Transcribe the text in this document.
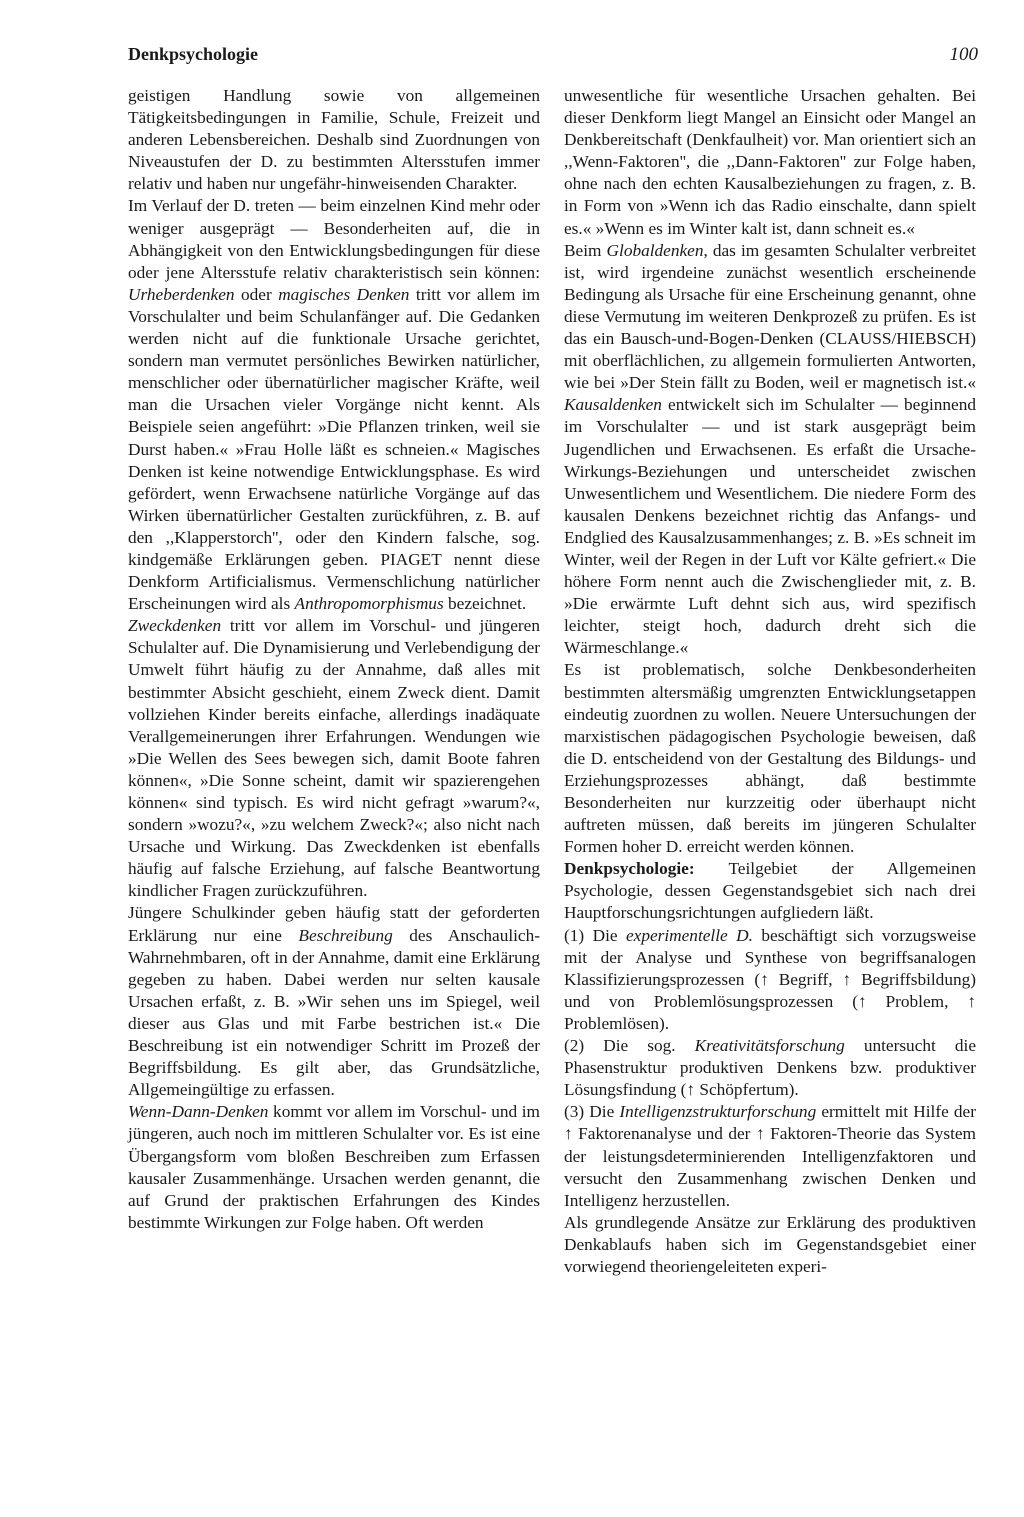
Denkpsychologie	100

geistigen Handlung sowie von allgemeinen Tätigkeitsbedingungen in Familie, Schule, Freizeit und anderen Lebensbereichen. Deshalb sind Zuordnungen von Niveaustufen der D. zu bestimmten Altersstufen immer relativ und haben nur ungefähr-hinweisenden Charakter.

Im Verlauf der D. treten — beim einzelnen Kind mehr oder weniger ausgeprägt — Besonderheiten auf, die in Abhängigkeit von den Entwicklungsbedingungen für diese oder jene Altersstufe relativ charakteristisch sein können: Urheberdenken oder magisches Denken tritt vor allem im Vorschulalter und beim Schulanfänger auf. Die Gedanken werden nicht auf die funktionale Ursache gerichtet, sondern man vermutet persönliches Bewirken natürlicher, menschlicher oder übernatürlicher magischer Kräfte, weil man die Ursachen vieler Vorgänge nicht kennt. Als Beispiele seien angeführt: »Die Pflanzen trinken, weil sie Durst haben.« »Frau Holle läßt es schneien.« Magisches Denken ist keine notwendige Entwicklungsphase. Es wird gefördert, wenn Erwachsene natürliche Vorgänge auf das Wirken übernatürlicher Gestalten zurückführen, z. B. auf den ,,Klapperstorch'', oder den Kindern falsche, sog. kindgemäße Erklärungen geben. PIAGET nennt diese Denkform Artificialismus. Vermenschlichung natürlicher Erscheinungen wird als Anthropomorphismus bezeichnet.

Zweckdenken tritt vor allem im Vorschul- und jüngeren Schulalter auf. Die Dynamisierung und Verlebendigung der Umwelt führt häufig zu der Annahme, daß alles mit bestimmter Absicht geschieht, einem Zweck dient. Damit vollziehen Kinder bereits einfache, allerdings inadäquate Verallgemeinerungen ihrer Erfahrungen. Wendungen wie »Die Wellen des Sees bewegen sich, damit Boote fahren können«, »Die Sonne scheint, damit wir spazierengehen können« sind typisch. Es wird nicht gefragt »warum?«, sondern »wozu?«, »zu welchem Zweck?«; also nicht nach Ursache und Wirkung. Das Zweckdenken ist ebenfalls häufig auf falsche Erziehung, auf falsche Beantwortung kindlicher Fragen zurückzuführen.

Jüngere Schulkinder geben häufig statt der geforderten Erklärung nur eine Beschreibung des Anschaulich-Wahrnehmbaren, oft in der Annahme, damit eine Erklärung gegeben zu haben. Dabei werden nur selten kausale Ursachen erfaßt, z. B. »Wir sehen uns im Spiegel, weil dieser aus Glas und mit Farbe bestrichen ist.« Die Beschreibung ist ein notwendiger Schritt im Prozeß der Begriffsbildung. Es gilt aber, das Grundsätzliche, Allgemeingültige zu erfassen.

Wenn-Dann-Denken kommt vor allem im Vorschul- und im jüngeren, auch noch im mittleren Schulalter vor. Es ist eine Übergangsform vom bloßen Beschreiben zum Erfassen kausaler Zusammenhänge. Ursachen werden genannt, die auf Grund der praktischen Erfahrungen des Kindes bestimmte Wirkungen zur Folge haben. Oft werden

unwesentliche für wesentliche Ursachen gehalten. Bei dieser Denkform liegt Mangel an Einsicht oder Mangel an Denkbereitschaft (Denkfaulheit) vor. Man orientiert sich an ,,Wenn-Faktoren'', die ,,Dann-Faktoren'' zur Folge haben, ohne nach den echten Kausalbeziehungen zu fragen, z. B. in Form von »Wenn ich das Radio einschalte, dann spielt es.« »Wenn es im Winter kalt ist, dann schneit es.«

Beim Globaldenken, das im gesamten Schulalter verbreitet ist, wird irgendeine zunächst wesentlich erscheinende Bedingung als Ursache für eine Erscheinung genannt, ohne diese Vermutung im weiteren Denkprozeß zu prüfen. Es ist das ein Bausch-und-Bogen-Denken (CLAUSS/HIEBSCH) mit oberflächlichen, zu allgemein formulierten Antworten, wie bei »Der Stein fällt zu Boden, weil er magnetisch ist.« Kausaldenken entwickelt sich im Schulalter — beginnend im Vorschulalter — und ist stark ausgeprägt beim Jugendlichen und Erwachsenen. Es erfaßt die Ursache-Wirkungs-Beziehungen und unterscheidet zwischen Unwesentlichem und Wesentlichem. Die niedere Form des kausalen Denkens bezeichnet richtig das Anfangs- und Endglied des Kausalzusammenhanges; z. B. »Es schneit im Winter, weil der Regen in der Luft vor Kälte gefriert.« Die höhere Form nennt auch die Zwischenglieder mit, z. B. »Die erwärmte Luft dehnt sich aus, wird spezifisch leichter, steigt hoch, dadurch dreht sich die Wärmeschlange.«

Es ist problematisch, solche Denkbesonderheiten bestimmten altersmäßig umgrenzten Entwicklungsetappen eindeutig zuordnen zu wollen. Neuere Untersuchungen der marxistischen pädagogischen Psychologie beweisen, daß die D. entscheidend von der Gestaltung des Bildungs- und Erziehungsprozesses abhängt, daß bestimmte Besonderheiten nur kurzzeitig oder überhaupt nicht auftreten müssen, daß bereits im jüngeren Schulalter Formen hoher D. erreicht werden können.

Denkpsychologie: Teilgebiet der Allgemeinen Psychologie, dessen Gegenstandsgebiet sich nach drei Hauptforschungsrichtungen aufgliedern läßt.

(1) Die experimentelle D. beschäftigt sich vorzugsweise mit der Analyse und Synthese von begriffsanalogen Klassifizierungsprozessen (↑ Begriff, ↑ Begriffsbildung) und von Problemlösungsprozessen (↑ Problem, ↑ Problemlösen).

(2) Die sog. Kreativitätsforschung untersucht die Phasenstruktur produktiven Denkens bzw. produktiver Lösungsfindung (↑ Schöpfertum).

(3) Die Intelligenzstrukturforschung ermittelt mit Hilfe der ↑ Faktorenanalyse und der ↑ Faktoren-Theorie das System der leistungsdeterminierenden Intelligenzfaktoren und versucht den Zusammenhang zwischen Denken und Intelligenz herzustellen.

Als grundlegende Ansätze zur Erklärung des produktiven Denkablaufs haben sich im Gegenstandsgebiet einer vorwiegend theoriengeleiteten experi-
